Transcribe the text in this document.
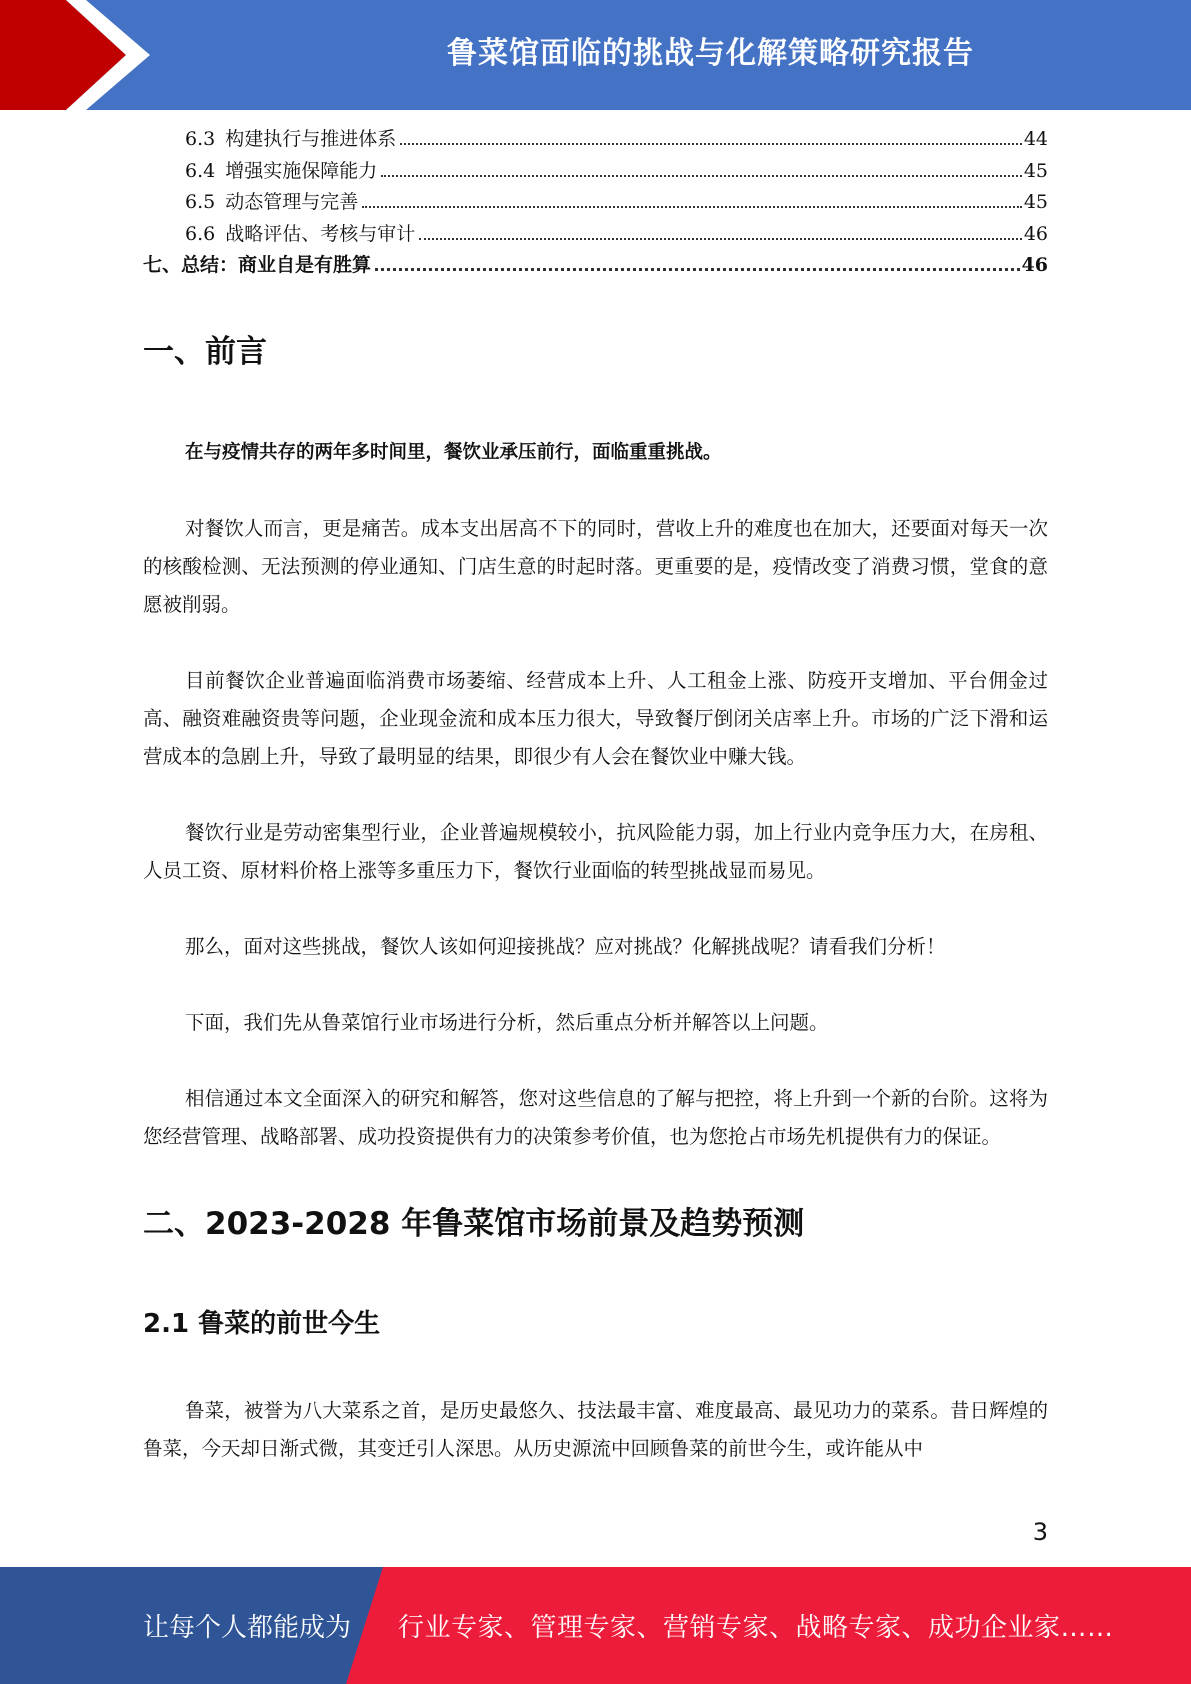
鲁菜馆面临的挑战与化解策略研究报告
6.3 构建执行与推进体系	44
6.4 增强实施保障能力	45
6.5 动态管理与完善	45
6.6 战略评估、考核与审计	46
七、总结：商业自是有胜算	46
一、前言

在与疫情共存的两年多时间里，餐饮业承压前行，面临重重挑战。

对餐饮人而言，更是痛苦。成本支出居高不下的同时，营收上升的难度也在加大，还要面对每天一次的核酸检测、无法预测的停业通知、门店生意的时起时落。更重要的是，疫情改变了消费习惯，堂食的意愿被削弱。

目前餐饮企业普遍面临消费市场萎缩、经营成本上升、人工租金上涨、防疫开支增加、平台佣金过高、融资难融资贵等问题，企业现金流和成本压力很大，导致餐厅倒闭关店率上升。市场的广泛下滑和运营成本的急剧上升，导致了最明显的结果，即很少有人会在餐饮业中赚大钱。

餐饮行业是劳动密集型行业，企业普遍规模较小，抗风险能力弱，加上行业内竞争压力大，在房租、人员工资、原材料价格上涨等多重压力下，餐饮行业面临的转型挑战显而易见。

那么，面对这些挑战，餐饮人该如何迎接挑战？应对挑战？化解挑战呢？请看我们分析！

下面，我们先从鲁菜馆行业市场进行分析，然后重点分析并解答以上问题。

相信通过本文全面深入的研究和解答，您对这些信息的了解与把控，将上升到一个新的台阶。这将为您经营管理、战略部署、成功投资提供有力的决策参考价值，也为您抢占市场先机提供有力的保证。

二、2023-2028 年鲁菜馆市场前景及趋势预测
2.1 鲁菜的前世今生

鲁菜，被誉为八大菜系之首，是历史最悠久、技法最丰富、难度最高、最见功力的菜系。昔日辉煌的鲁菜，今天却日渐式微，其变迁引人深思。从历史源流中回顾鲁菜的前世今生，或许能从中

3
让每个人都能成为 行业专家、管理专家、营销专家、战略专家、成功企业家……
